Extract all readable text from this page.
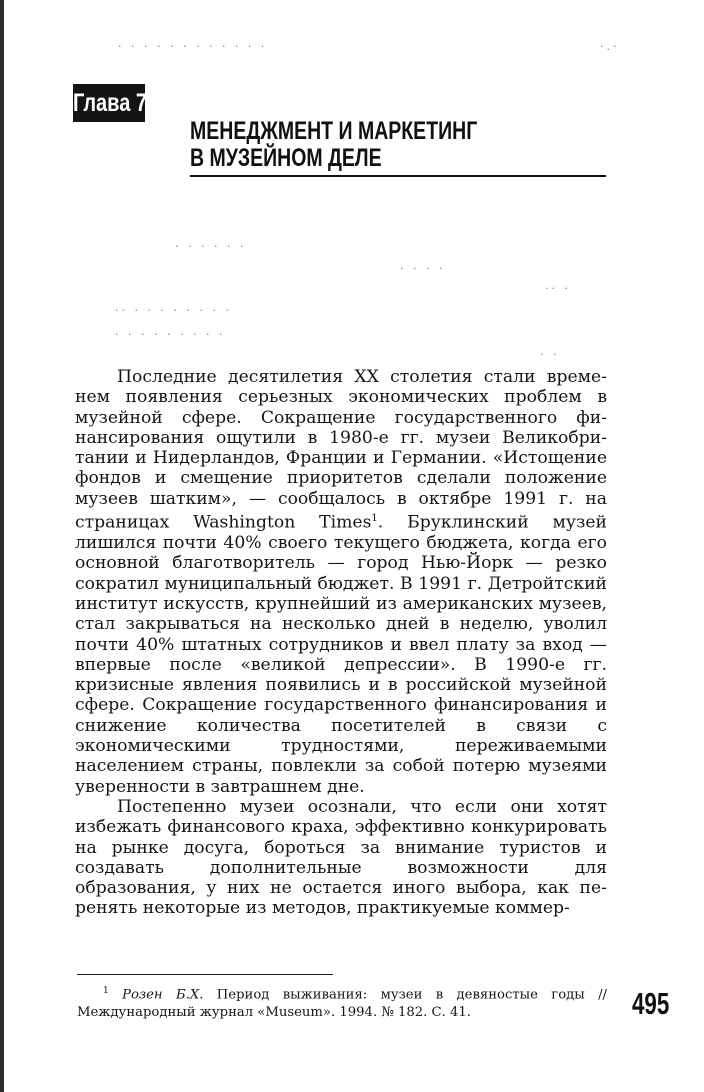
· · · · · · · · · · · ·	·.·
· · · · · ·
· · · ·
·· ·
·· · · · · · · · ·
· · · · · · · · ·
· ·
Глава 7
МЕНЕДЖМЕНТ И МАРКЕТИНГ
В МУЗЕЙНОМ ДЕЛЕ

Последние десятилетия XX столетия стали временем появления серьезных экономических проблем в музейной сфере. Сокращение государственного финансирования ощутили в 1980-е гг. музеи Великобритании и Нидерландов, Франции и Германии. «Истощение фондов и смещение приоритетов сделали положение музеев шатким», — сообщалось в октябре 1991 г. на страницах Washington Times$^1$. Бруклинский музей лишился почти 40% своего текущего бюджета, когда его основной благотворитель — город Нью-Йорк — резко сократил муниципальный бюджет. В 1991 г. Детройтский институт искусств, крупнейший из американских музеев, стал закрываться на несколько дней в неделю, уволил почти 40% штатных сотрудников и ввел плату за вход — впервые после «великой депрессии». В 1990-е гг. кризисные явления появились и в российской музейной сфере. Сокращение государственного финансирования и снижение количества посетителей в связи с экономическими трудностями, переживаемыми населением страны, повлекли за собой потерю музеями уверенности в завтрашнем дне.

Постепенно музеи осознали, что если они хотят избежать финансового краха, эффективно конкурировать на рынке досуга, бороться за внимание туристов и создавать дополнительные возможности для образования, у них не остается иного выбора, как перенять некоторые из методов, практикуемые коммер-

$^1$ Розен Б.Х. Период выживания: музеи в девяностые годы // Международный журнал «Museum». 1994. № 182. С. 41.	495
